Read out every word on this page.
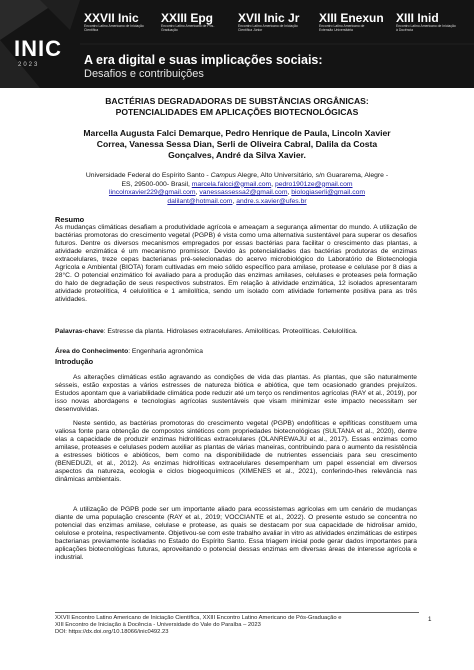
INIC
2023
XXVII Inic
Encontro Latino Americano de Iniciação Científica
XXIII Epg
Encontro Latino Americano de Pós-Graduação
XVII Inic Jr
Encontro Latino Americano de Iniciação Científica Júnior
XIII Enexun
Encontro Latino Americano de Extensão Universitária
XIII Inid
Encontro Latino Americano de Iniciação à Docência
A era digital e suas implicações sociais:
Desafios e contribuições
BACTÉRIAS DEGRADADORAS DE SUBSTÂNCIAS ORGÂNICAS:
POTENCIALIDADES EM APLICAÇÕES BIOTECNOLÓGICAS
Marcella Augusta Falci Demarque, Pedro Henrique de Paula, Lincoln Xavier
Correa, Vanessa Sessa Dian, Serli de Oliveira Cabral, Dalila da Costa
Gonçalves, André da Silva Xavier.
Universidade Federal do Espírito Santo - Campus Alegre, Alto Universitário, s/n Guararema, Alegre -
ES, 29500-000- Brasil, marcela.falcci@gmail.com, pedro1901ze@gmail.com
lincolnxavier229@gmail.com, vanessassessa2@gmail.com, biologiaserli@gmail.com
dalilant@hotmail.com, andre.s.xavier@ufes.br
Resumo
As mudanças climáticas desafiam a produtividade agrícola e ameaçam a segurança alimentar do mundo. A utilização de bactérias promotoras do crescimento vegetal (PGPB) é vista como uma alternativa sustentável para superar os desafios futuros. Dentre os diversos mecanismos empregados por essas bactérias para facilitar o crescimento das plantas, a atividade enzimática é um mecanismo promissor. Devido às potencialidades das bactérias produtoras de enzimas extracelulares, treze cepas bacterianas pré-selecionadas do acervo microbiológico do Laboratório de Biotecnologia Agrícola e Ambiental (BIOTA) foram cultivadas em meio sólido específico para amilase, protease e celulase por 8 dias a 28°C. O potencial enzimático foi avaliado para a produção das enzimas amilases, celulases e proteases pela formação do halo de degradação de seus respectivos substratos. Em relação à atividade enzimática, 12 isolados apresentaram atividade proteolítica, 4 celulolítica e 1 amilolítica, sendo um isolado com atividade fortemente positiva para as três atividades.
Palavras-chave: Estresse da planta. Hidrolases extracelulares. Amilolíticas. Proteolíticas. Celulolítica.
Área do Conhecimento: Engenharia agronômica
Introdução
As alterações climáticas estão agravando as condições de vida das plantas. As plantas, que são naturalmente sésseis, estão expostas a vários estresses de natureza biótica e abiótica, que tem ocasionado grandes prejuízos. Estudos apontam que a variabilidade climática pode reduzir até um terço os rendimentos agrícolas (RAY et al., 2019), por isso novas abordagens e tecnologias agrícolas sustentáveis que visam minimizar este impacto necessitam ser desenvolvidas.
Neste sentido, as bactérias promotoras do crescimento vegetal (PGPB) endofíticas e epifíticas constituem uma valiosa fonte para obtenção de compostos sintéticos com propriedades biotecnológicas (SULTANA et al., 2020), dentre elas a capacidade de produzir enzimas hidrolíticas extracelulares (OLANREWAJU et al., 2017). Essas enzimas como amilase, proteases e celulases podem auxiliar as plantas de várias maneiras, contribuindo para o aumento da resistência a estresses bióticos e abióticos, bem como na disponibilidade de nutrientes essenciais para seu crescimento (BENEDUZI, et al., 2012). As enzimas hidrolíticas extracelulares desempenham um papel essencial em diversos aspectos da natureza, ecologia e ciclos biogeoquímicos (XIMENES et al., 2021), conferindo-lhes relevância nas dinâmicas ambientais.
A utilização de PGPB pode ser um importante aliado para ecossistemas agrícolas em um cenário de mudanças diante de uma população crescente (RAY et al., 2019; VOCCIANTE et al., 2022). O presente estudo se concentra no potencial das enzimas amilase, celulase e protease, as quais se destacam por sua capacidade de hidrolisar amido, celulose e proteína, respectivamente. Objetivou-se com este trabalho avaliar in vitro as atividades enzimáticas de estirpes bacterianas previamente isoladas no Estado do Espírito Santo. Essa triagem inicial pode gerar dados importantes para aplicações biotecnológicas futuras, aproveitando o potencial dessas enzimas em diversas áreas de interesse agrícola e industrial.
XXVII Encontro Latino Americano de Iniciação Científica, XXIII Encontro Latino Americano de Pós-Graduação e
XIII Encontro de Iniciação à Docência - Universidade do Vale do Paraíba – 2023
DOI: https://dx.doi.org/10.18066/inic0492.23
1
